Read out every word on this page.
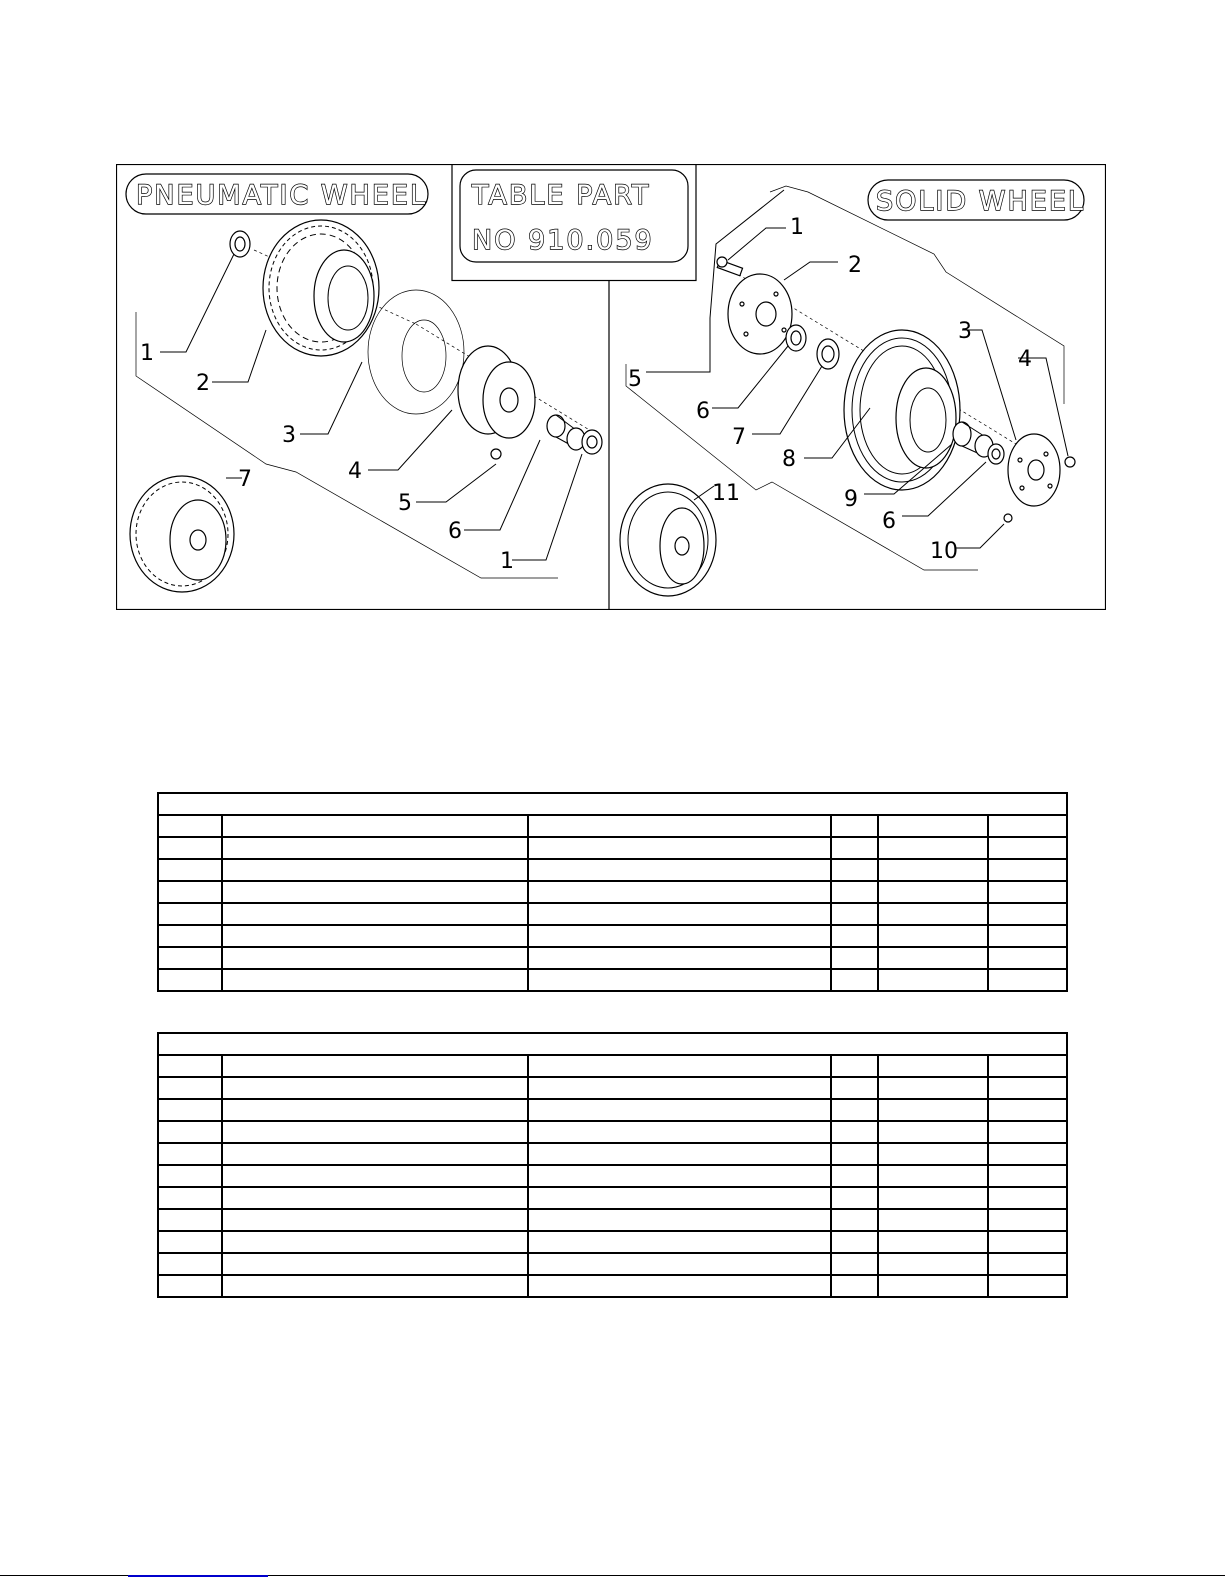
TABLE PART
NO 910.059
PNEUMATIC WHEEL	SOLID WHEEL
1
2
3
4
5
6
1
7
1
2
3
4
5
6
7
8
9
6
10
11
